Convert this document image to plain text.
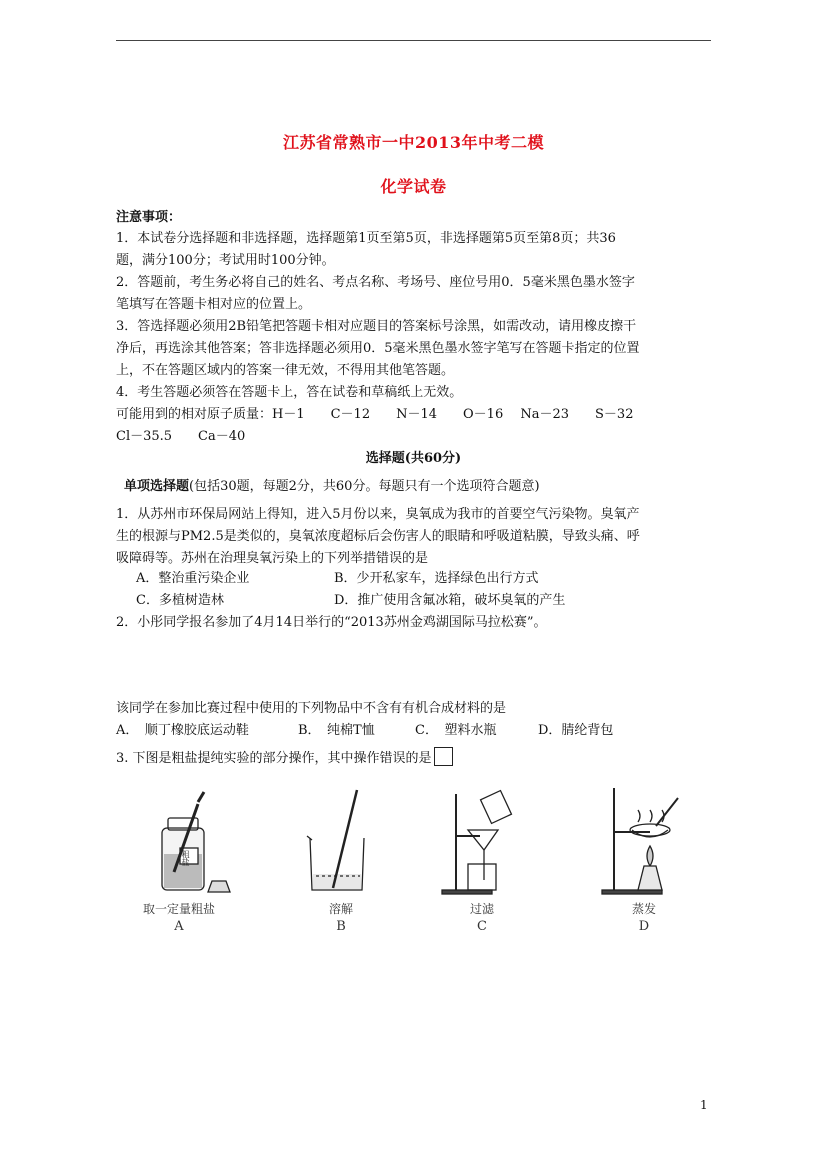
江苏省常熟市一中2013年中考二模
化学试卷
注意事项：
1．本试卷分选择题和非选择题，选择题第1页至第5页，非选择题第5页至第8页；共36
题，满分100分；考试用时100分钟。
2．答题前，考生务必将自己的姓名、考点名称、考场号、座位号用0．5毫米黑色墨水签字
笔填写在答题卡相对应的位置上。
3．答选择题必须用2B铅笔把答题卡相对应题目的答案标号涂黑，如需改动，请用橡皮擦干
净后，再选涂其他答案；答非选择题必须用0．5毫米黑色墨水签字笔写在答题卡指定的位置
上，不在答题区域内的答案一律无效，不得用其他笔答题。
4．考生答题必须答在答题卡上，答在试卷和草稿纸上无效。
可能用到的相对原子质量：H－1　　C－12　　N－14　　O－16　 Na－23　　S－32
Cl－35.5　　Ca－40
选择题(共60分)
单项选择题(包括30题，每题2分，共60分。每题只有一个选项符合题意)
1．从苏州市环保局网站上得知，进入5月份以来，臭氧成为我市的首要空气污染物。臭氧产
生的根源与PM2.5是类似的，臭氧浓度超标后会伤害人的眼睛和呼吸道粘膜，导致头痛、呼
吸障碍等。苏州在治理臭氧污染上的下列举措错误的是
A．整治重污染企业	B．少开私家车，选择绿色出行方式
C．多植树造林	D．推广使用含氟冰箱，破坏臭氧的产生
2．小彤同学报名参加了4月14日举行的“2013苏州金鸡湖国际马拉松赛”。
该同学在参加比赛过程中使用的下列物品中不含有有机合成材料的是
A．　顺丁橡胶底运动鞋	B．　纯棉T恤	C．　塑料水瓶	D．腈纶背包
3. 下图是粗盐提纯实验的部分操作，其中操作错误的是
取一定量粗盐	溶解	过滤	蒸发
A	B	C	D
粗盐
1
